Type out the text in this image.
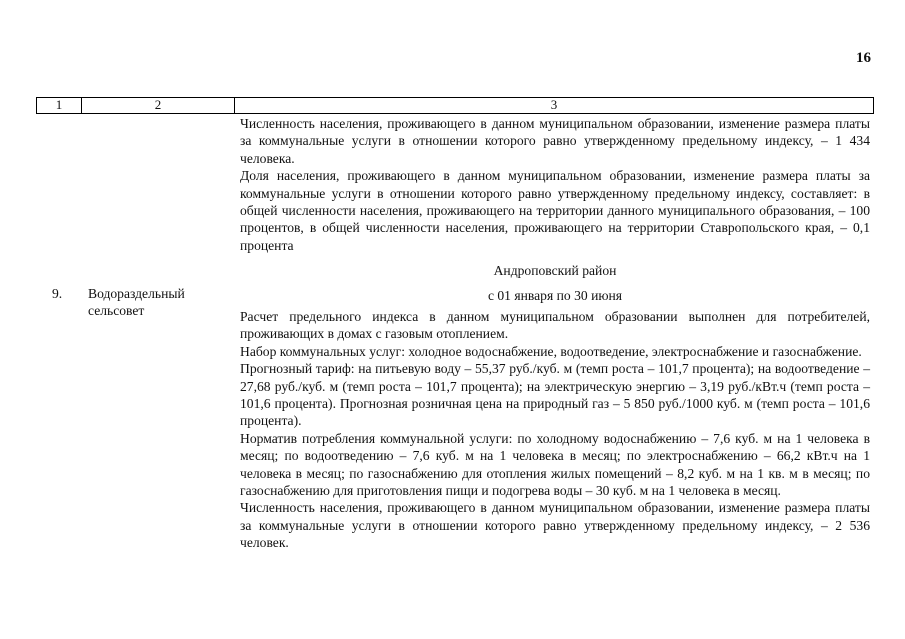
16
1	2	3

Численность населения, проживающего в данном муниципальном образовании, изменение размера платы за коммунальные услуги в отношении которого равно утвержденному предельному индексу, – 1 434 человека.

Доля населения, проживающего в данном муниципальном образовании, изменение размера платы за коммунальные услуги в отношении которого равно утвержденному предельному индексу, составляет: в общей численности населения, проживающего на территории данного муниципального образования, – 100 процентов, в общей численности населения, проживающего на территории Ставропольского края, – 0,1 процента

Андроповский район
9. Водораздельный сельсовет
с 01 января по 30 июня

Расчет предельного индекса в данном муниципальном образовании выполнен для потребителей, проживающих в домах с газовым отоплением.

Набор коммунальных услуг: холодное водоснабжение, водоотведение, электроснабжение и газоснабжение.

Прогнозный тариф: на питьевую воду – 55,37 руб./куб. м (темп роста – 101,7 процента); на водоотведение – 27,68 руб./куб. м (темп роста – 101,7 процента); на электрическую энергию – 3,19 руб./кВт.ч (темп роста – 101,6 процента). Прогнозная розничная цена на природный газ – 5 850 руб./1000 куб. м (темп роста – 101,6 процента).

Норматив потребления коммунальной услуги: по холодному водоснабжению – 7,6 куб. м на 1 человека в месяц; по водоотведению – 7,6 куб. м на 1 человека в месяц; по электроснабжению – 66,2 кВт.ч на 1 человека в месяц; по газоснабжению для отопления жилых помещений – 8,2 куб. м на 1 кв. м в месяц; по газоснабжению для приготовления пищи и подогрева воды – 30 куб. м на 1 человека в месяц.

Численность населения, проживающего в данном муниципальном образовании, изменение размера платы за коммунальные услуги в отношении которого равно утвержденному предельному индексу, – 2 536 человек.
